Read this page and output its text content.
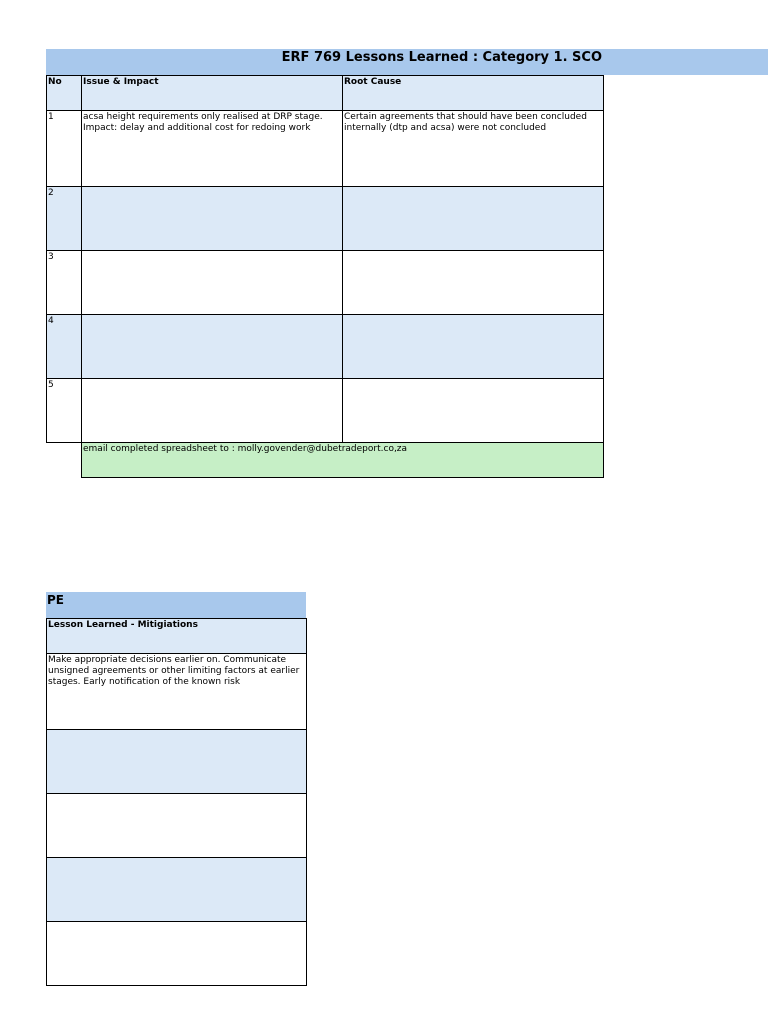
ERF 769 Lessons Learned : Category 1. SCO
No	Issue & Impact	Root Cause
1	acsa height requirements only realised at DRP stage. Impact: delay and additional cost for redoing work	Certain agreements that should have been concluded internally (dtp and acsa) were not concluded
2		
3		
4		
5		
	email completed spreadsheet to : molly.govender@dubetradeport.co,za	
PE
Lesson Learned - Mitigiations
Make appropriate decisions earlier on. Communicate unsigned agreements or other limiting factors at earlier stages. Early notification of the known risk
